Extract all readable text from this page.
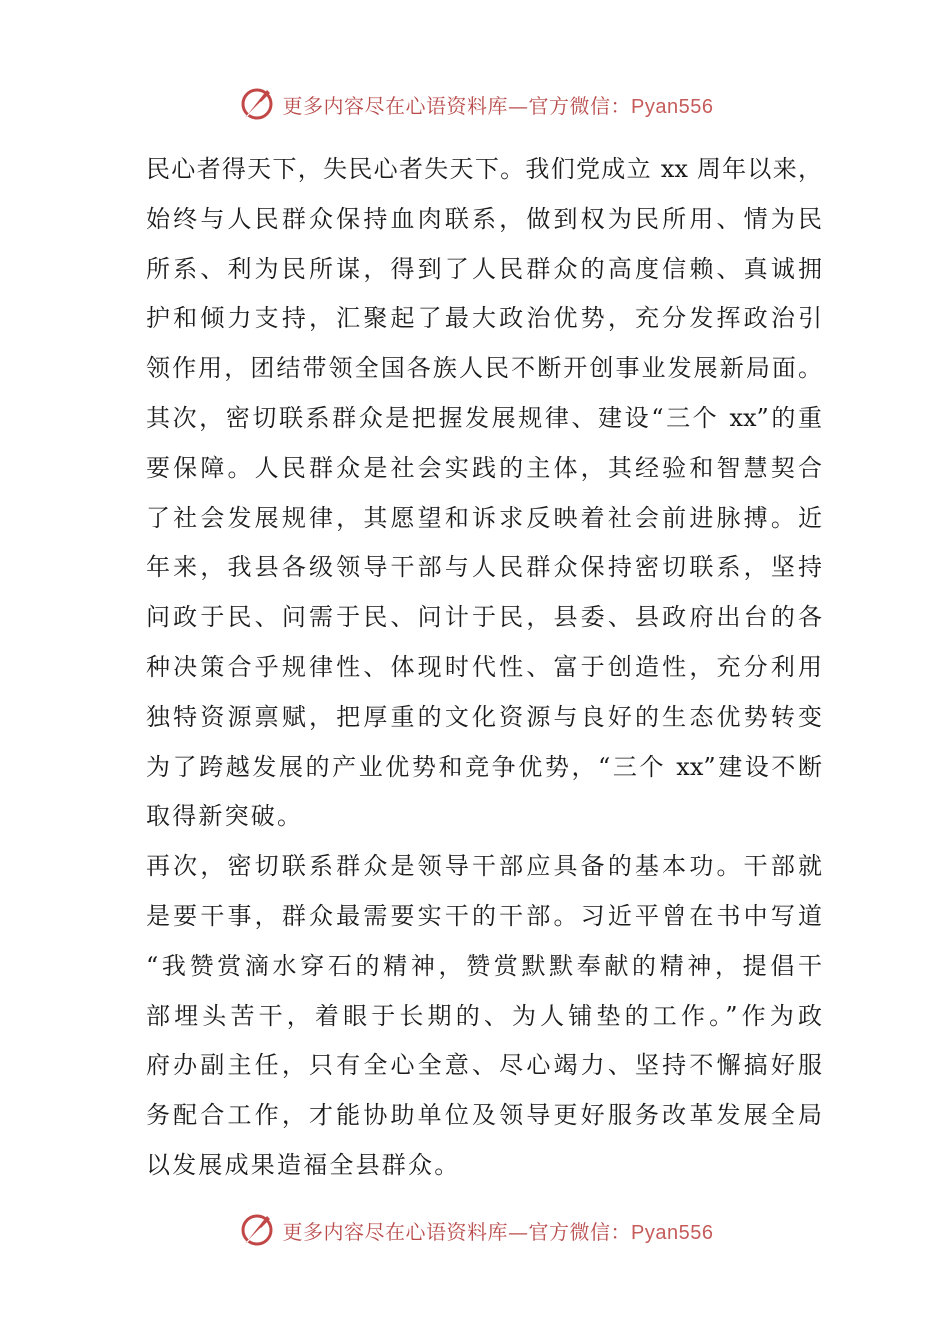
更多内容尽在心语资料库—官方微信：Pyan556
民心者得天下，失民心者失天下。我们党成立 xx 周年以来，
始终与人民群众保持血肉联系，做到权为民所用、情为民
所系、利为民所谋，得到了人民群众的高度信赖、真诚拥
护和倾力支持，汇聚起了最大政治优势，充分发挥政治引
领作用，团结带领全国各族人民不断开创事业发展新局面。
其次，密切联系群众是把握发展规律、建设“三个 xx”的重
要保障。人民群众是社会实践的主体，其经验和智慧契合
了社会发展规律，其愿望和诉求反映着社会前进脉搏。近
年来，我县各级领导干部与人民群众保持密切联系，坚持
问政于民、问需于民、问计于民，县委、县政府出台的各
种决策合乎规律性、体现时代性、富于创造性，充分利用
独特资源禀赋，把厚重的文化资源与良好的生态优势转变
为了跨越发展的产业优势和竞争优势，“三个 xx”建设不断
取得新突破。
再次，密切联系群众是领导干部应具备的基本功。干部就
是要干事，群众最需要实干的干部。习近平曾在书中写道
“我赞赏滴水穿石的精神，赞赏默默奉献的精神，提倡干
部埋头苦干，着眼于长期的、为人铺垫的工作。”作为政
府办副主任，只有全心全意、尽心竭力、坚持不懈搞好服
务配合工作，才能协助单位及领导更好服务改革发展全局
以发展成果造福全县群众。
更多内容尽在心语资料库—官方微信：Pyan556
